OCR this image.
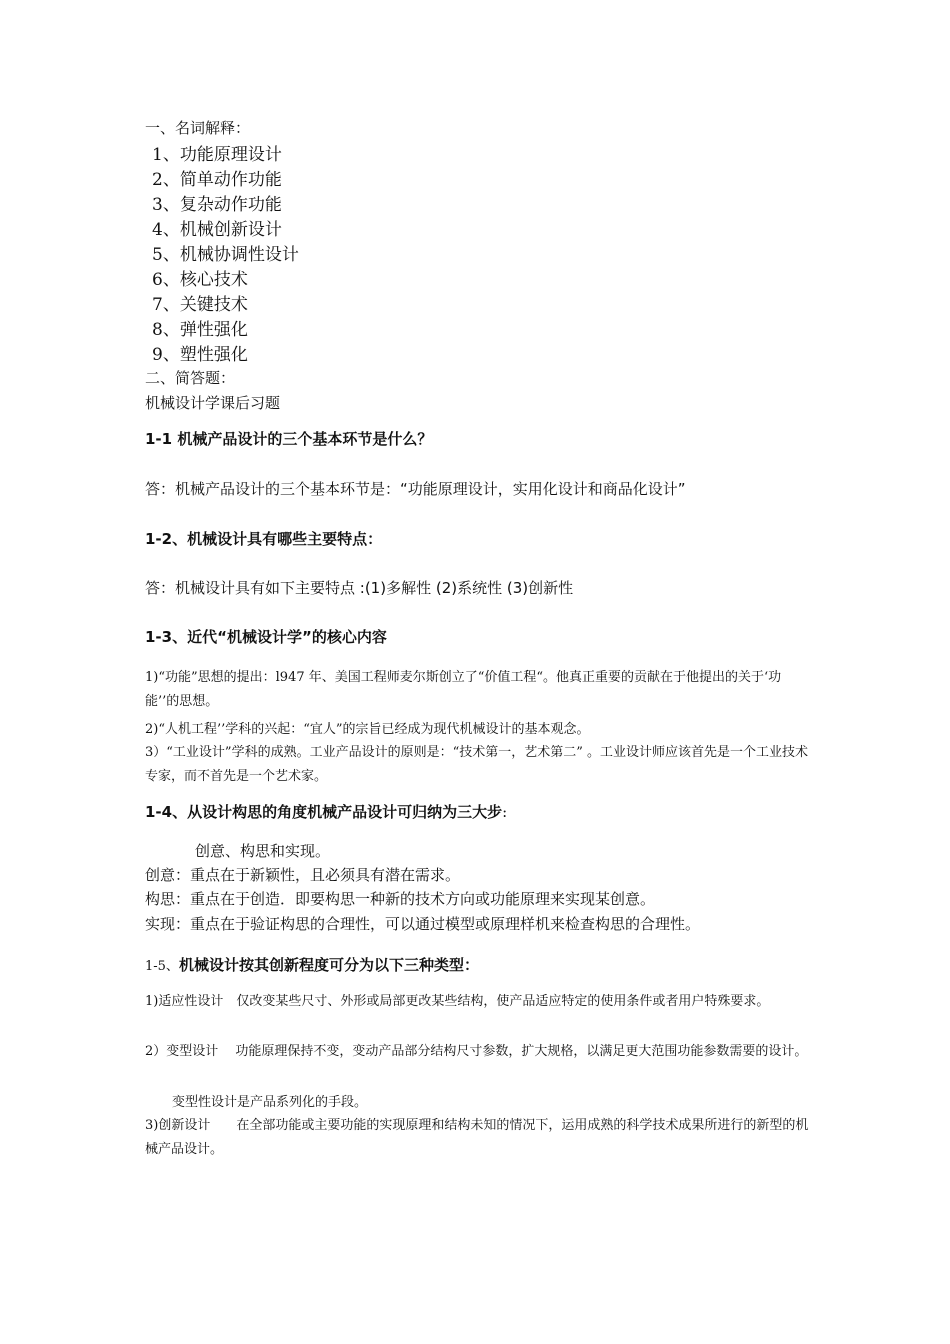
一、名词解释：

1、功能原理设计

2、简单动作功能

3、复杂动作功能

4、机械创新设计

5、机械协调性设计

6、核心技术

7、关键技术

8、弹性强化

9、塑性强化

二、简答题：

机械设计学课后习题

1-1 机械产品设计的三个基本环节是什么？

答：机械产品设计的三个基本环节是：“功能原理设计，实用化设计和商品化设计”

1-2、机械设计具有哪些主要特点：

答：机械设计具有如下主要特点 :(1)多解性 (2)系统性 (3)创新性

1-3、近代“机械设计学”的核心内容

1)“功能”思想的提出：l947 年、美国工程师麦尔斯创立了“价值工程“。他真正重要的贡献在于他提出的关于‘功能’’的思想。

2)“人机工程’’学科的兴起：“宜人”的宗旨已经成为现代机械设计的基本观念。

3）“工业设计”学科的成熟。工业产品设计的原则是：“技术第一，艺术第二” 。工业设计师应该首先是一个工业技术专家，而不首先是一个艺术家。

1-4、从设计构思的角度机械产品设计可归纳为三大步:

创意、构思和实现。

创意：重点在于新颖性，且必须具有潜在需求。

构思：重点在于创造．即要构思一种新的技术方向或功能原理来实现某创意。

实现：重点在于验证构思的合理性，可以通过模型或原理样机来检查构思的合理性。

1-5、机械设计按其创新程度可分为以下三种类型：

1)适应性设计　仅改变某些尺寸、外形或局部更改某些结构，使产品适应特定的使用条件或者用户特殊要求。

2）变型设计　 功能原理保持不变，变动产品部分结构尺寸参数，扩大规格，以满足更大范围功能参数需要的设计。

变型性设计是产品系列化的手段。

3)创新设计　　在全部功能或主要功能的实现原理和结构未知的情况下，运用成熟的科学技术成果所进行的新型的机械产品设计。
